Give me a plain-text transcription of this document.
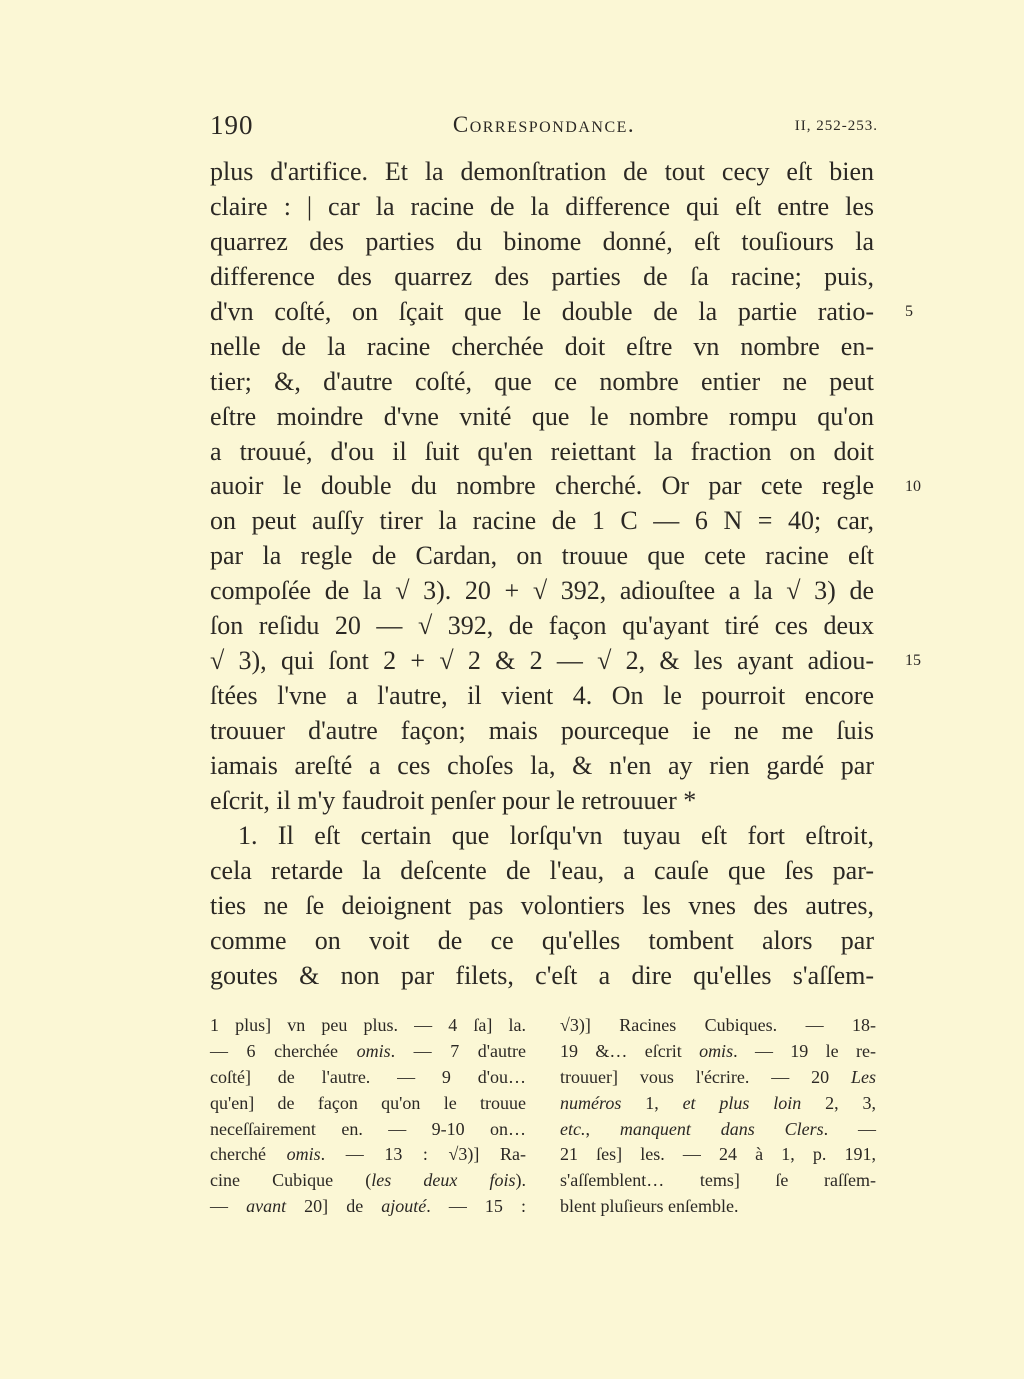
190	Correspondance.	II, 252-253.
plus d'artifice. Et la demonſtration de tout cecy eſt bien
claire : | car la racine de la difference qui eſt entre les
quarrez des parties du binome donné, eſt touſiours la
difference des quarrez des parties de ſa racine; puis,
d'vn coſté, on ſçait que le double de la partie ratio-
nelle de la racine cherchée doit eſtre vn nombre en-
tier; &, d'autre coſté, que ce nombre entier ne peut
eſtre moindre d'vne vnité que le nombre rompu qu'on
a trouué, d'ou il ſuit qu'en reiettant la fraction on doit
auoir le double du nombre cherché. Or par cete regle
on peut auſſy tirer la racine de 1 C — 6 N = 40; car,
par la regle de Cardan, on trouue que cete racine eſt
compoſée de la √ 3). 20 + √ 392, adiouſtee a la √ 3) de
ſon reſidu 20 — √ 392, de façon qu'ayant tiré ces deux
√ 3), qui ſont 2 + √ 2 & 2 — √ 2, & les ayant adiou-
ſtées l'vne a l'autre, il vient 4. On le pourroit encore
trouuer d'autre façon; mais pourceque ie ne me ſuis
iamais areſté a ces choſes la, & n'en ay rien gardé par
eſcrit, il m'y faudroit penſer pour le retrouuer *
1. Il eſt certain que lorſqu'vn tuyau eſt fort eſtroit,
cela retarde la deſcente de l'eau, a cauſe que ſes par-
ties ne ſe deioignent pas volontiers les vnes des autres,
comme on voit de ce qu'elles tombent alors par
goutes & non par filets, c'eſt a dire qu'elles s'aſſem-
5
10
15
1 plus] vn peu plus. — 4 ſa] la.
— 6 cherchée omis. — 7 d'autre
coſté] de l'autre. — 9 d'ou…
qu'en] de façon qu'on le trouue
neceſſairement en. — 9-10 on…
cherché omis. — 13 : √3)] Ra-
cine Cubique (les deux fois).
— avant 20] de ajouté. — 15 :
√3)] Racines Cubiques. — 18-
19 &… eſcrit omis. — 19 le re-
trouuer] vous l'écrire. — 20 Les
numéros 1, et plus loin 2, 3,
etc., manquent dans Clers. —
21 ſes] les. — 24 à 1, p. 191,
s'aſſemblent… tems] ſe raſſem-
blent pluſieurs enſemble.
